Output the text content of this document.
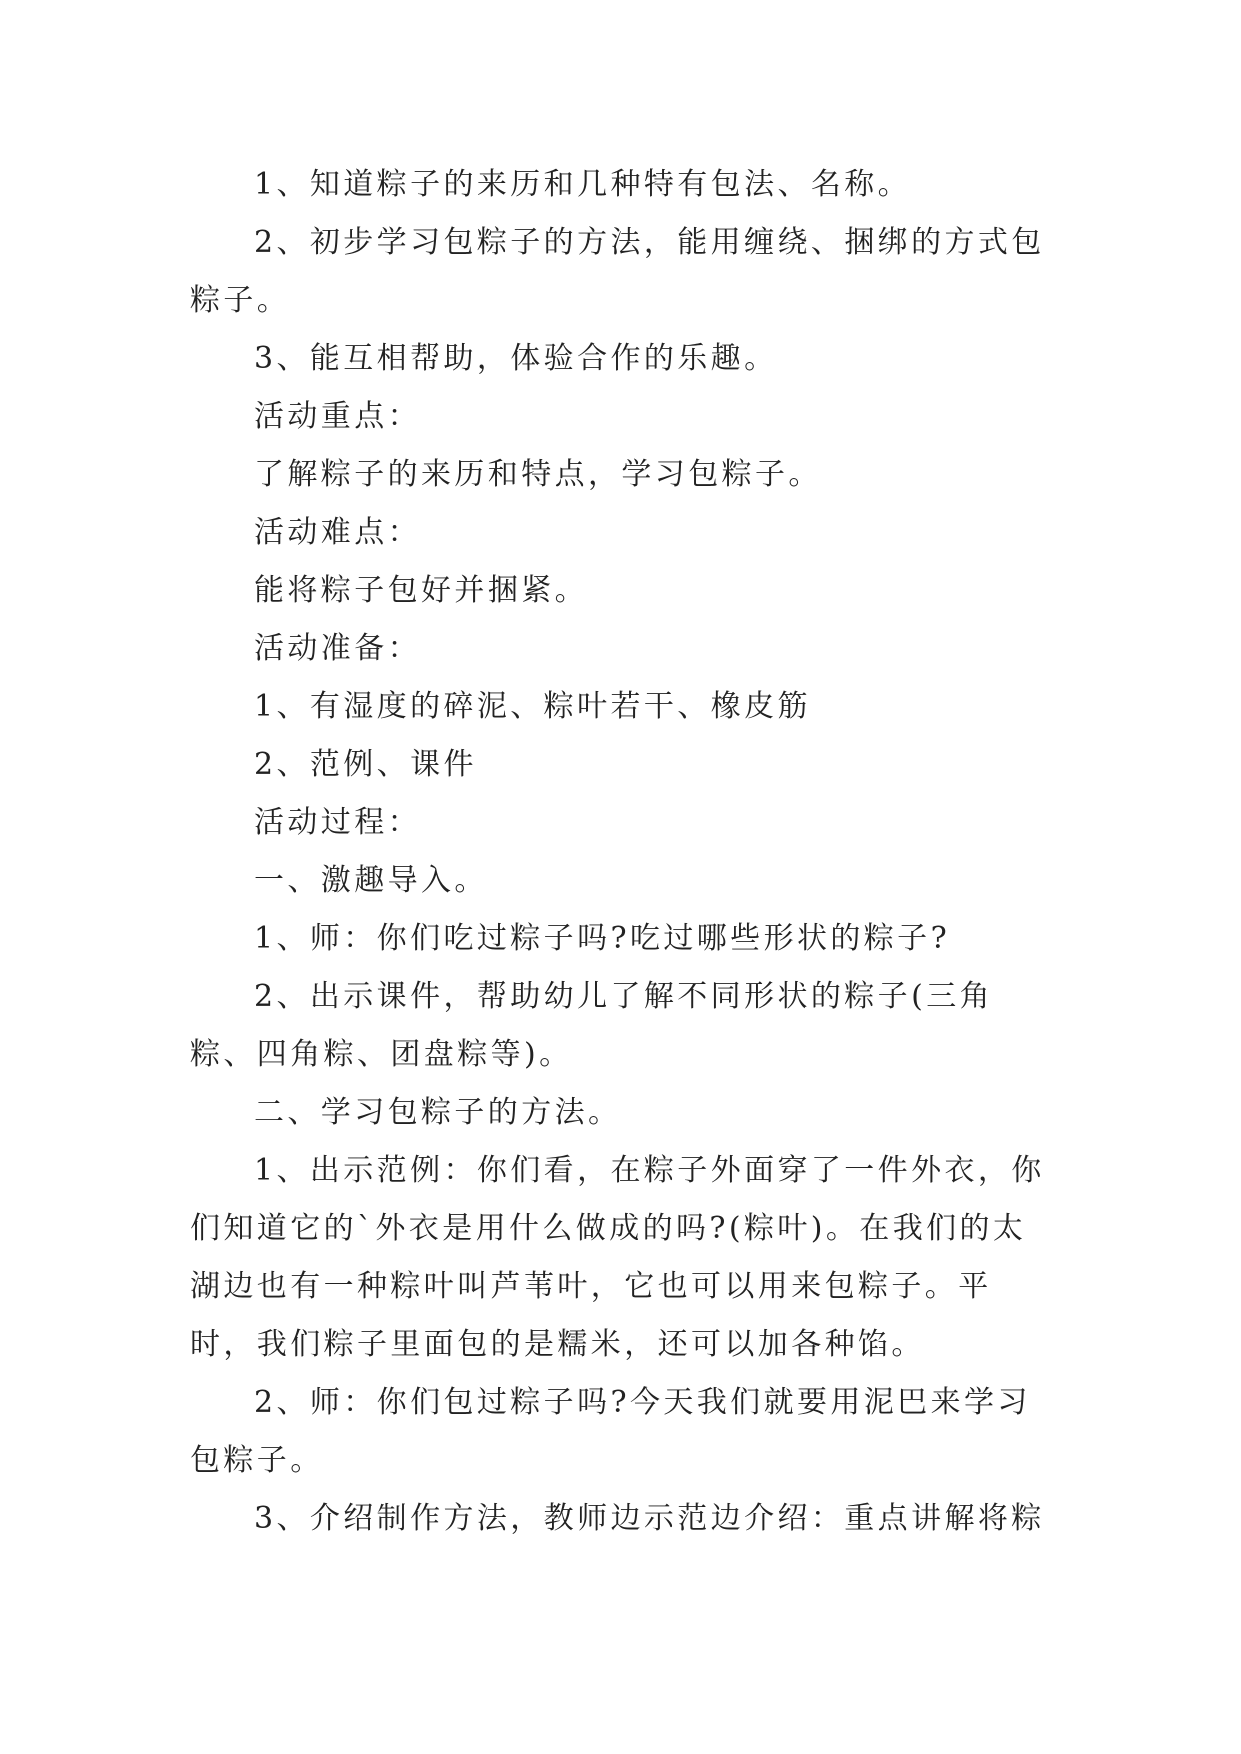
1、知道粽子的来历和几种特有包法、名称。

2、初步学习包粽子的方法，能用缠绕、捆绑的方式包粽子。

3、能互相帮助，体验合作的乐趣。

活动重点：

了解粽子的来历和特点，学习包粽子。

活动难点：

能将粽子包好并捆紧。

活动准备：

1、有湿度的碎泥、粽叶若干、橡皮筋

2、范例、课件

活动过程：

一、激趣导入。

1、师：你们吃过粽子吗?吃过哪些形状的粽子?

2、出示课件，帮助幼儿了解不同形状的粽子(三角粽、四角粽、团盘粽等)。

二、学习包粽子的方法。

1、出示范例：你们看，在粽子外面穿了一件外衣，你们知道它的`外衣是用什么做成的吗?(粽叶)。在我们的太湖边也有一种粽叶叫芦苇叶，它也可以用来包粽子。平时，我们粽子里面包的是糯米，还可以加各种馅。

2、师：你们包过粽子吗?今天我们就要用泥巴来学习包粽子。

3、介绍制作方法，教师边示范边介绍：重点讲解将粽
